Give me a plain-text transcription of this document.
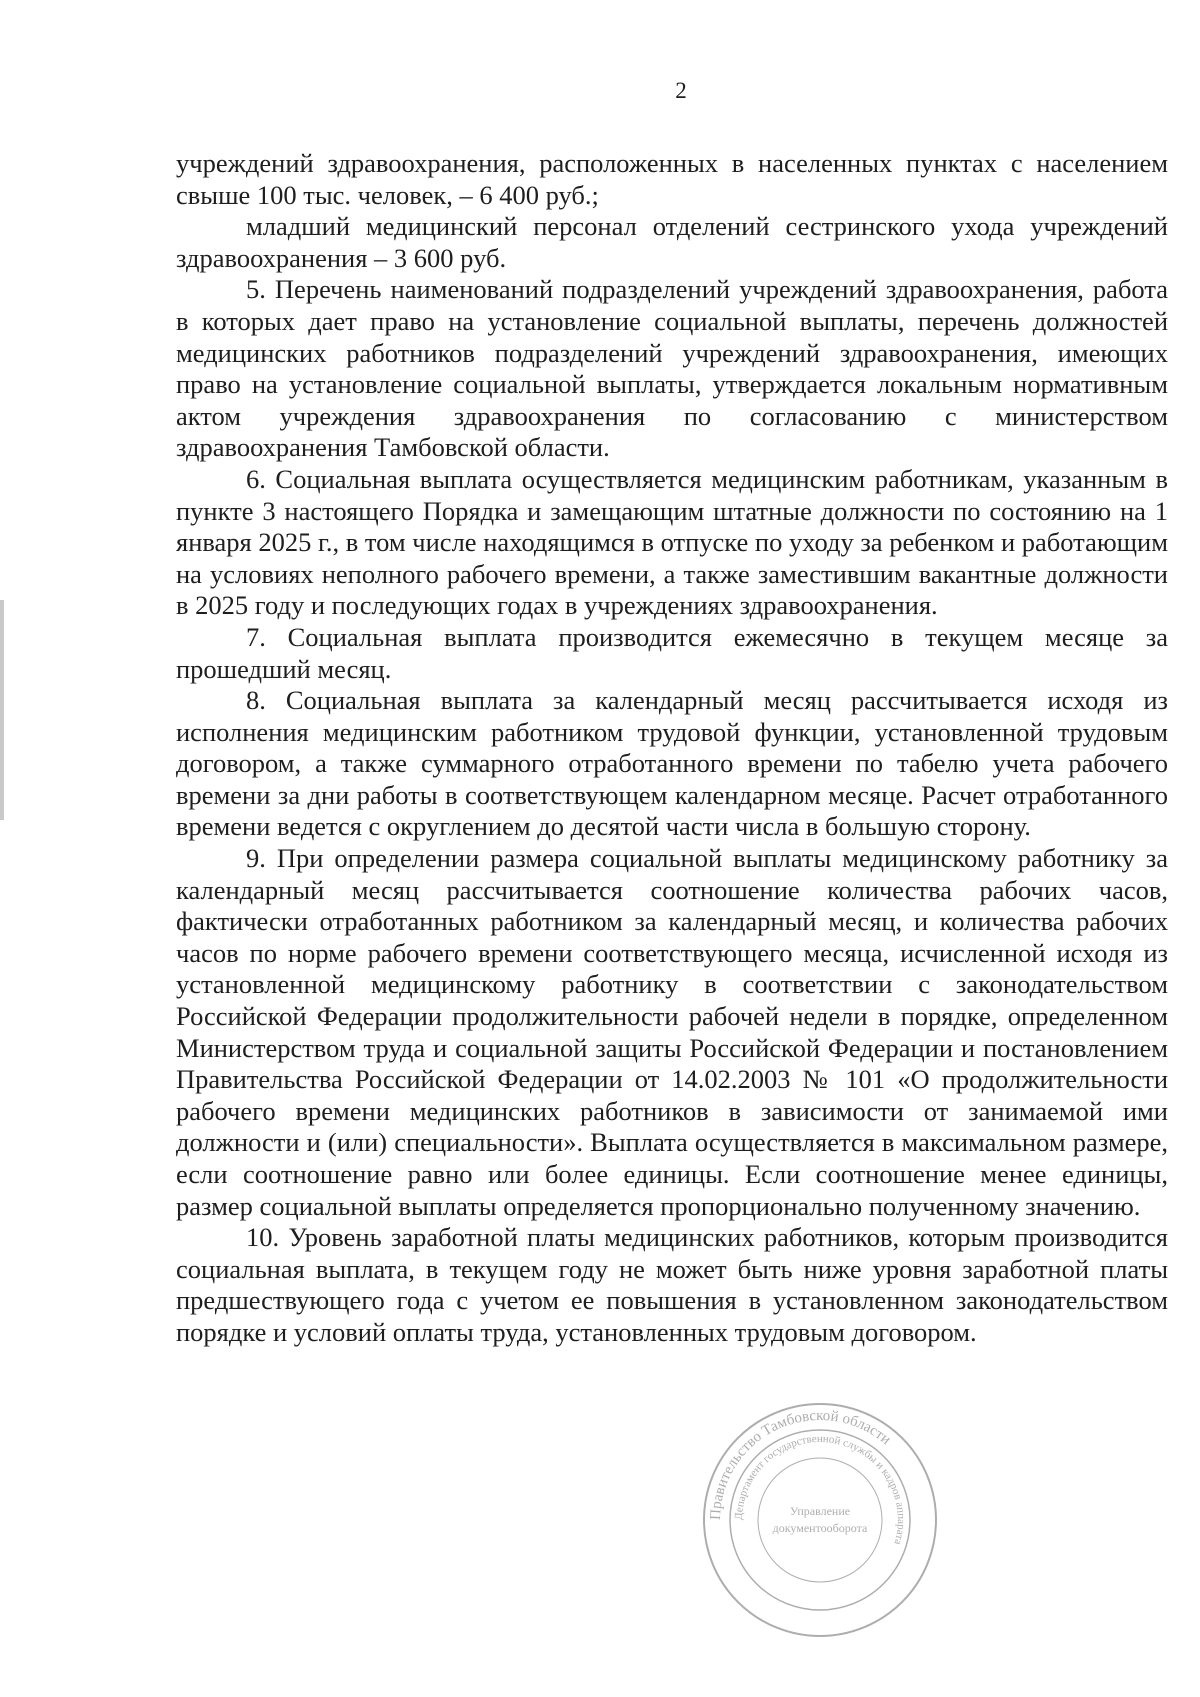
2

учреждений здравоохранения, расположенных в населенных пунктах с населением свыше 100 тыс. человек, – 6 400 руб.;

младший медицинский персонал отделений сестринского ухода учреждений здравоохранения – 3 600 руб.

5. Перечень наименований подразделений учреждений здравоохранения, работа в которых дает право на установление социальной выплаты, перечень должностей медицинских работников подразделений учреждений здравоохранения, имеющих право на установление социальной выплаты, утверждается локальным нормативным актом учреждения здравоохранения по согласованию с министерством здравоохранения Тамбовской области.

6. Социальная выплата осуществляется медицинским работникам, указанным в пункте 3 настоящего Порядка и замещающим штатные должности по состоянию на 1 января 2025 г., в том числе находящимся в отпуске по уходу за ребенком и работающим на условиях неполного рабочего времени, а также заместившим вакантные должности в 2025 году и последующих годах в учреждениях здравоохранения.

7. Социальная выплата производится ежемесячно в текущем месяце за прошедший месяц.

8. Социальная выплата за календарный месяц рассчитывается исходя из исполнения медицинским работником трудовой функции, установленной трудовым договором, а также суммарного отработанного времени по табелю учета рабочего времени за дни работы в соответствующем календарном месяце. Расчет отработанного времени ведется с округлением до десятой части числа в большую сторону.

9. При определении размера социальной выплаты медицинскому работнику за календарный месяц рассчитывается соотношение количества рабочих часов, фактически отработанных работником за календарный месяц, и количества рабочих часов по норме рабочего времени соответствующего месяца, исчисленной исходя из установленной медицинскому работнику в соответствии с законодательством Российской Федерации продолжительности рабочей недели в порядке, определенном Министерством труда и социальной защиты Российской Федерации и постановлением Правительства Российской Федерации от 14.02.2003 № 101 «О продолжительности рабочего времени медицинских работников в зависимости от занимаемой ими должности и (или) специальности». Выплата осуществляется в максимальном размере, если соотношение равно или более единицы. Если соотношение менее единицы, размер социальной выплаты определяется пропорционально полученному значению.

10. Уровень заработной платы медицинских работников, которым производится социальная выплата, в текущем году не может быть ниже уровня заработной платы предшествующего года с учетом ее повышения в установленном законодательством порядке и условий оплаты труда, установленных трудовым договором.

Правительство Тамбовской области
Департамент государственной службы и кадров аппарата
Управление
документооборота
